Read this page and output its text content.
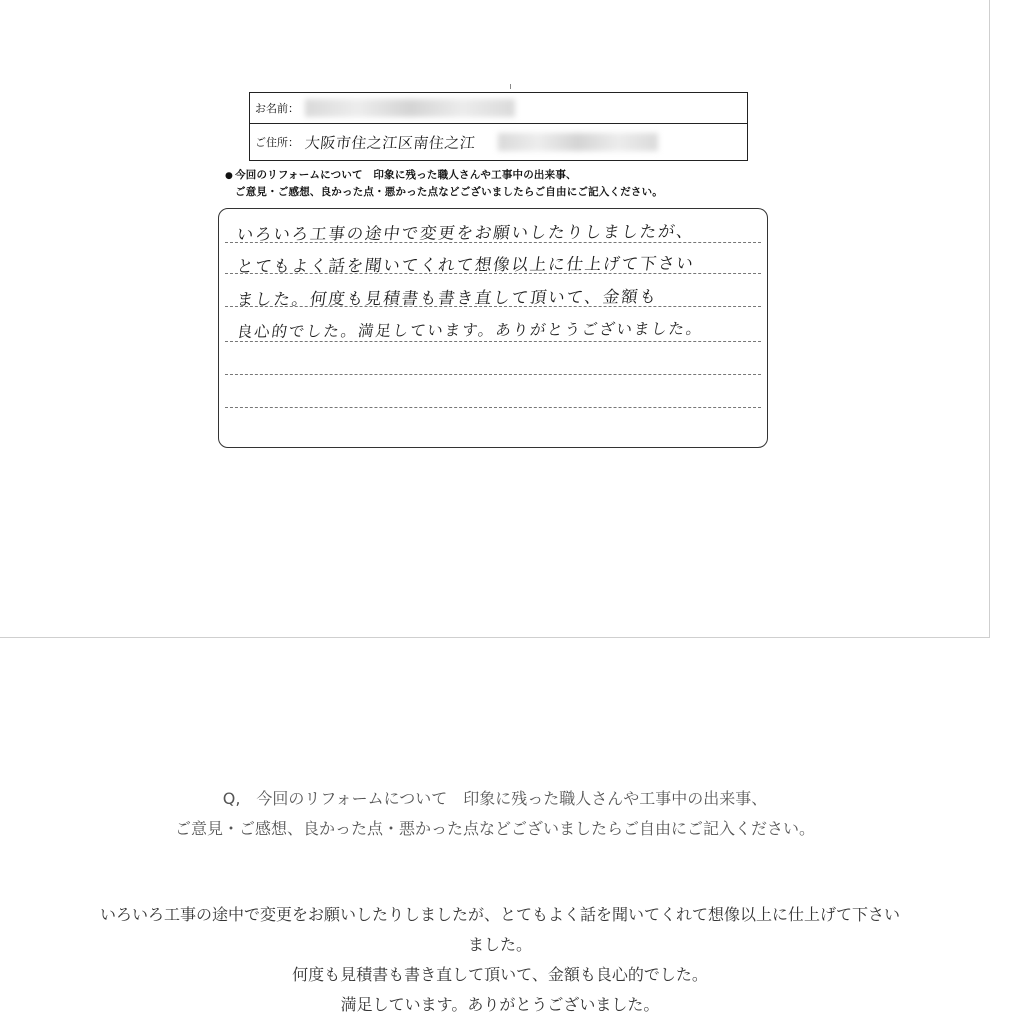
お名前：
ご住所： 大阪市住之江区南住之江
● 今回のリフォームについて　印象に残った職人さんや工事中の出来事、
ご意見・ご感想、良かった点・悪かった点などございましたらご自由にご記入ください。
いろいろ工事の途中で変更をお願いしたりしましたが、
とてもよく話を聞いてくれて想像以上に仕上げて下さい
ました。何度も見積書も書き直して頂いて、金額も
良心的でした。満足しています。ありがとうございました。
Q,　今回のリフォームについて　印象に残った職人さんや工事中の出来事、
ご意見・ご感想、良かった点・悪かった点などございましたらご自由にご記入ください。
いろいろ工事の途中で変更をお願いしたりしましたが、とてもよく話を聞いてくれて想像以上に仕上げて下さい
ました。
何度も見積書も書き直して頂いて、金額も良心的でした。
満足しています。ありがとうございました。
